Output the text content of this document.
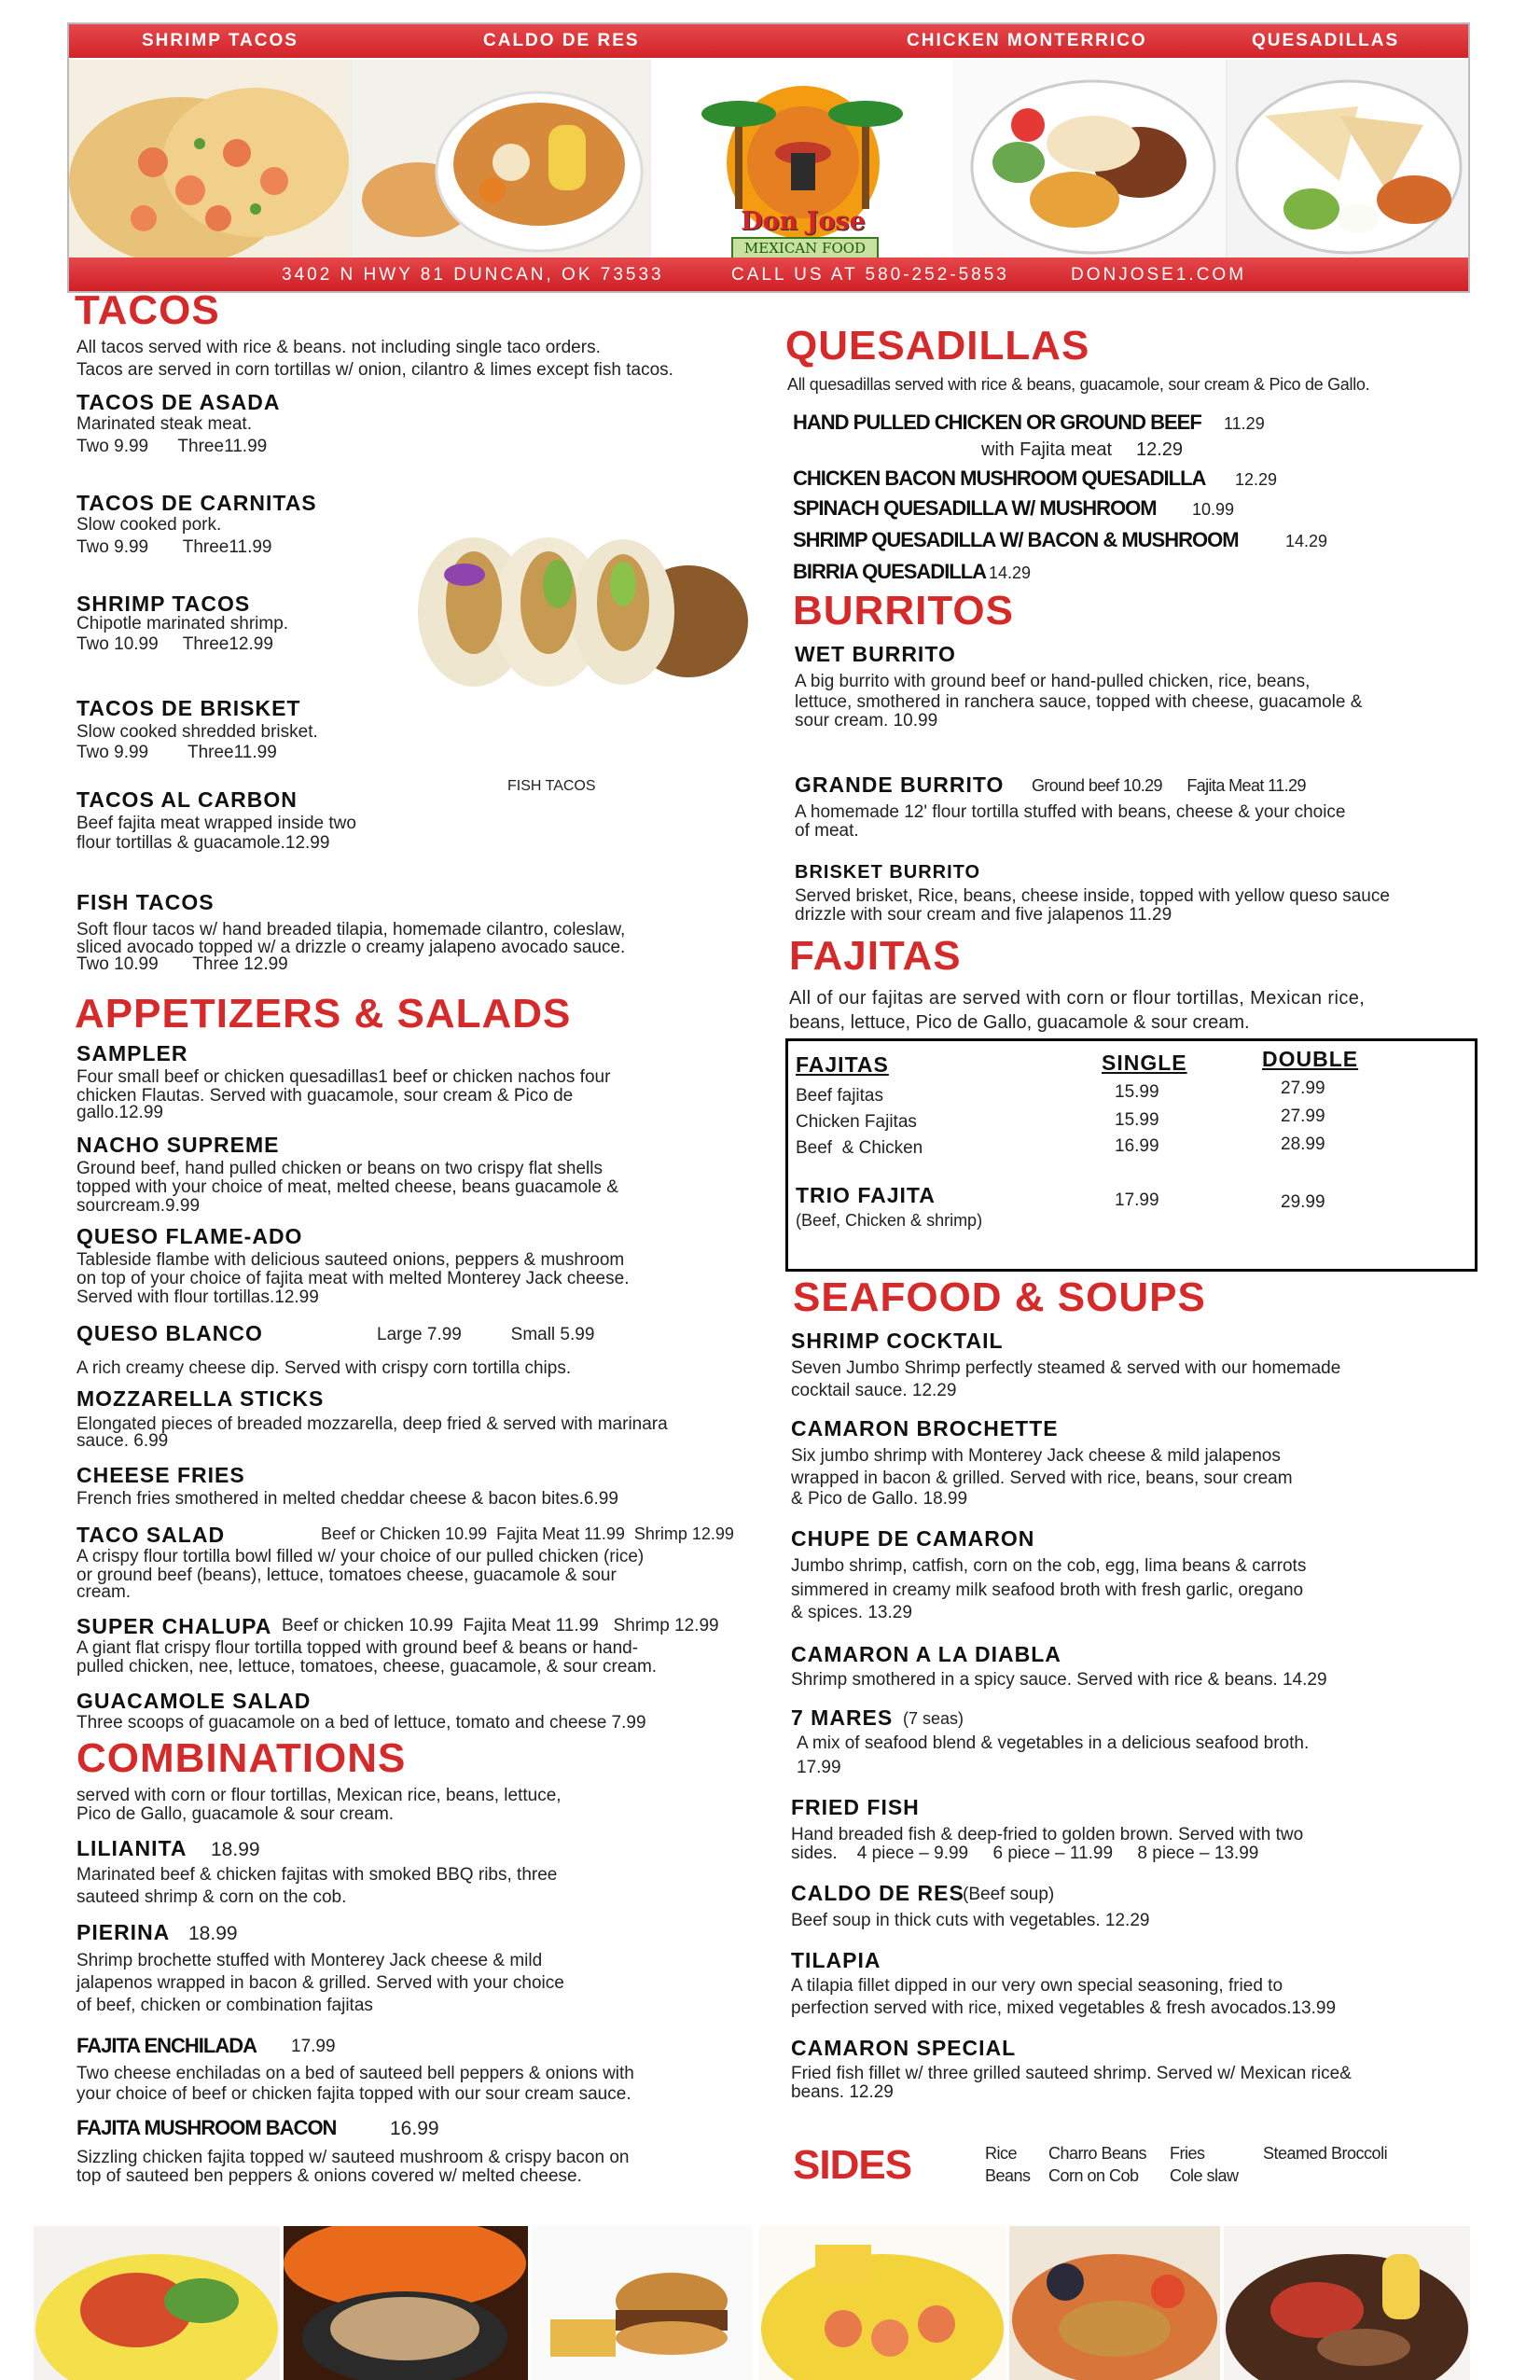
SHRIMP TACOS	CALDO DE RES	CHICKEN MONTERRICO	QUESADILLAS
Don Jose
MEXICAN FOOD
3402 N HWY 81 DUNCAN, OK 73533	CALL US AT 580-252-5853	DONJOSE1.COM
TACOS

All tacos served with rice & beans. not including single taco orders.

Tacos are served in corn tortillas w/ onion, cilantro & limes except fish tacos.

TACOS DE ASADA

Marinated steak meat.

Two 9.99      Three11.99

TACOS DE CARNITAS

Slow cooked pork.

Two 9.99       Three11.99

SHRIMP TACOS

Chipotle marinated shrimp.

Two 10.99     Three12.99

TACOS DE BRISKET

Slow cooked shredded brisket.

Two 9.99        Three11.99

TACOS AL CARBON

Beef fajita meat wrapped inside two

flour tortillas & guacamole.12.99

FISH TACOS

Soft flour tacos w/ hand breaded tilapia, homemade cilantro, coleslaw,

sliced avocado topped w/ a drizzle o creamy jalapeno avocado sauce.

Two 10.99       Three 12.99

FISH TACOS

APPETIZERS & SALADS

SAMPLER

Four small beef or chicken quesadillas1 beef or chicken nachos four

chicken Flautas. Served with guacamole, sour cream & Pico de

gallo.12.99

NACHO SUPREME

Ground beef, hand pulled chicken or beans on two crispy flat shells

topped with your choice of meat, melted cheese, beans guacamole &

sourcream.9.99

QUESO FLAME-ADO

Tableside flambe with delicious sauteed onions, peppers & mushroom

on top of your choice of fajita meat with melted Monterey Jack cheese.

Served with flour tortillas.12.99

QUESO BLANCO	Large 7.99          Small 5.99

A rich creamy cheese dip. Served with crispy corn tortilla chips.

MOZZARELLA STICKS

Elongated pieces of breaded mozzarella, deep fried & served with marinara

sauce. 6.99

CHEESE FRIES

French fries smothered in melted cheddar cheese & bacon bites.6.99

TACO SALAD	Beef or Chicken 10.99  Fajita Meat 11.99  Shrimp 12.99

A crispy flour tortilla bowl filled w/ your choice of our pulled chicken (rice)

or ground beef (beans), lettuce, tomatoes cheese, guacamole & sour

cream.

SUPER CHALUPA Beef or chicken 10.99  Fajita Meat 11.99   Shrimp 12.99

A giant flat crispy flour tortilla topped with ground beef & beans or hand-

pulled chicken, nee, lettuce, tomatoes, cheese, guacamole, & sour cream.

GUACAMOLE SALAD

Three scoops of guacamole on a bed of lettuce, tomato and cheese 7.99

COMBINATIONS

served with corn or flour tortillas, Mexican rice, beans, lettuce,

Pico de Gallo, guacamole & sour cream.

LILIANITA 18.99

Marinated beef & chicken fajitas with smoked BBQ ribs, three

sauteed shrimp & corn on the cob.

PIERINA 18.99

Shrimp brochette stuffed with Monterey Jack cheese & mild

jalapenos wrapped in bacon & grilled. Served with your choice

of beef, chicken or combination fajitas

FAJITA ENCHILADA 17.99

Two cheese enchiladas on a bed of sauteed bell peppers & onions with

your choice of beef or chicken fajita topped with our sour cream sauce.

FAJITA MUSHROOM BACON	16.99

Sizzling chicken fajita topped w/ sauteed mushroom & crispy bacon on

top of sauteed ben peppers & onions covered w/ melted cheese.

QUESADILLAS

All quesadillas served with rice & beans, guacamole, sour cream & Pico de Gallo.

HAND PULLED CHICKEN OR GROUND BEEF 11.29

with Fajita meat 12.29

CHICKEN BACON MUSHROOM QUESADILLA 12.29

SPINACH QUESADILLA W/ MUSHROOM 10.99

SHRIMP QUESADILLA W/ BACON & MUSHROOM	14.29

BIRRIA QUESADILLA 14.29

BURRITOS

WET BURRITO

A big burrito with ground beef or hand-pulled chicken, rice, beans,

lettuce, smothered in ranchera sauce, topped with cheese, guacamole &

sour cream. 10.99

GRANDE BURRITO Ground beef 10.29      Fajita Meat 11.29

A homemade 12' flour tortilla stuffed with beans, cheese & your choice

of meat.

BRISKET BURRITO

Served brisket, Rice, beans, cheese inside, topped with yellow queso sauce

drizzle with sour cream and five jalapenos 11.29

FAJITAS

All of our fajitas are served with corn or flour tortillas, Mexican rice,

beans, lettuce, Pico de Gallo, guacamole & sour cream.

FAJITAS	SINGLE	DOUBLE

Beef fajitas	15.99	27.99

Chicken Fajitas	15.99	27.99

Beef  & Chicken	16.99	28.99

TRIO FAJITA

(Beef, Chicken & shrimp)

17.99	29.99

SEAFOOD & SOUPS

SHRIMP COCKTAIL

Seven Jumbo Shrimp perfectly steamed & served with our homemade

cocktail sauce. 12.29

CAMARON BROCHETTE

Six jumbo shrimp with Monterey Jack cheese & mild jalapenos

wrapped in bacon & grilled. Served with rice, beans, sour cream

& Pico de Gallo. 18.99

CHUPE DE CAMARON

Jumbo shrimp, catfish, corn on the cob, egg, lima beans & carrots

simmered in creamy milk seafood broth with fresh garlic, oregano

& spices. 13.29

CAMARON A LA DIABLA

Shrimp smothered in a spicy sauce. Served with rice & beans. 14.29

7 MARES (7 seas)

A mix of seafood blend & vegetables in a delicious seafood broth.

17.99

FRIED FISH

Hand breaded fish & deep-fried to golden brown. Served with two

sides.    4 piece – 9.99     6 piece – 11.99     8 piece – 13.99

CALDO DE RES

(Beef soup)

Beef soup in thick cuts with vegetables. 12.29

TILAPIA

A tilapia fillet dipped in our very own special seasoning, fried to

perfection served with rice, mixed vegetables & fresh avocados.13.99

CAMARON SPECIAL

Fried fish fillet w/ three grilled sauteed shrimp. Served w/ Mexican rice&

beans. 12.29

SIDES	Rice Charro Beans Fries	Steamed Broccoli

Beans Corn on Cob Cole slaw
